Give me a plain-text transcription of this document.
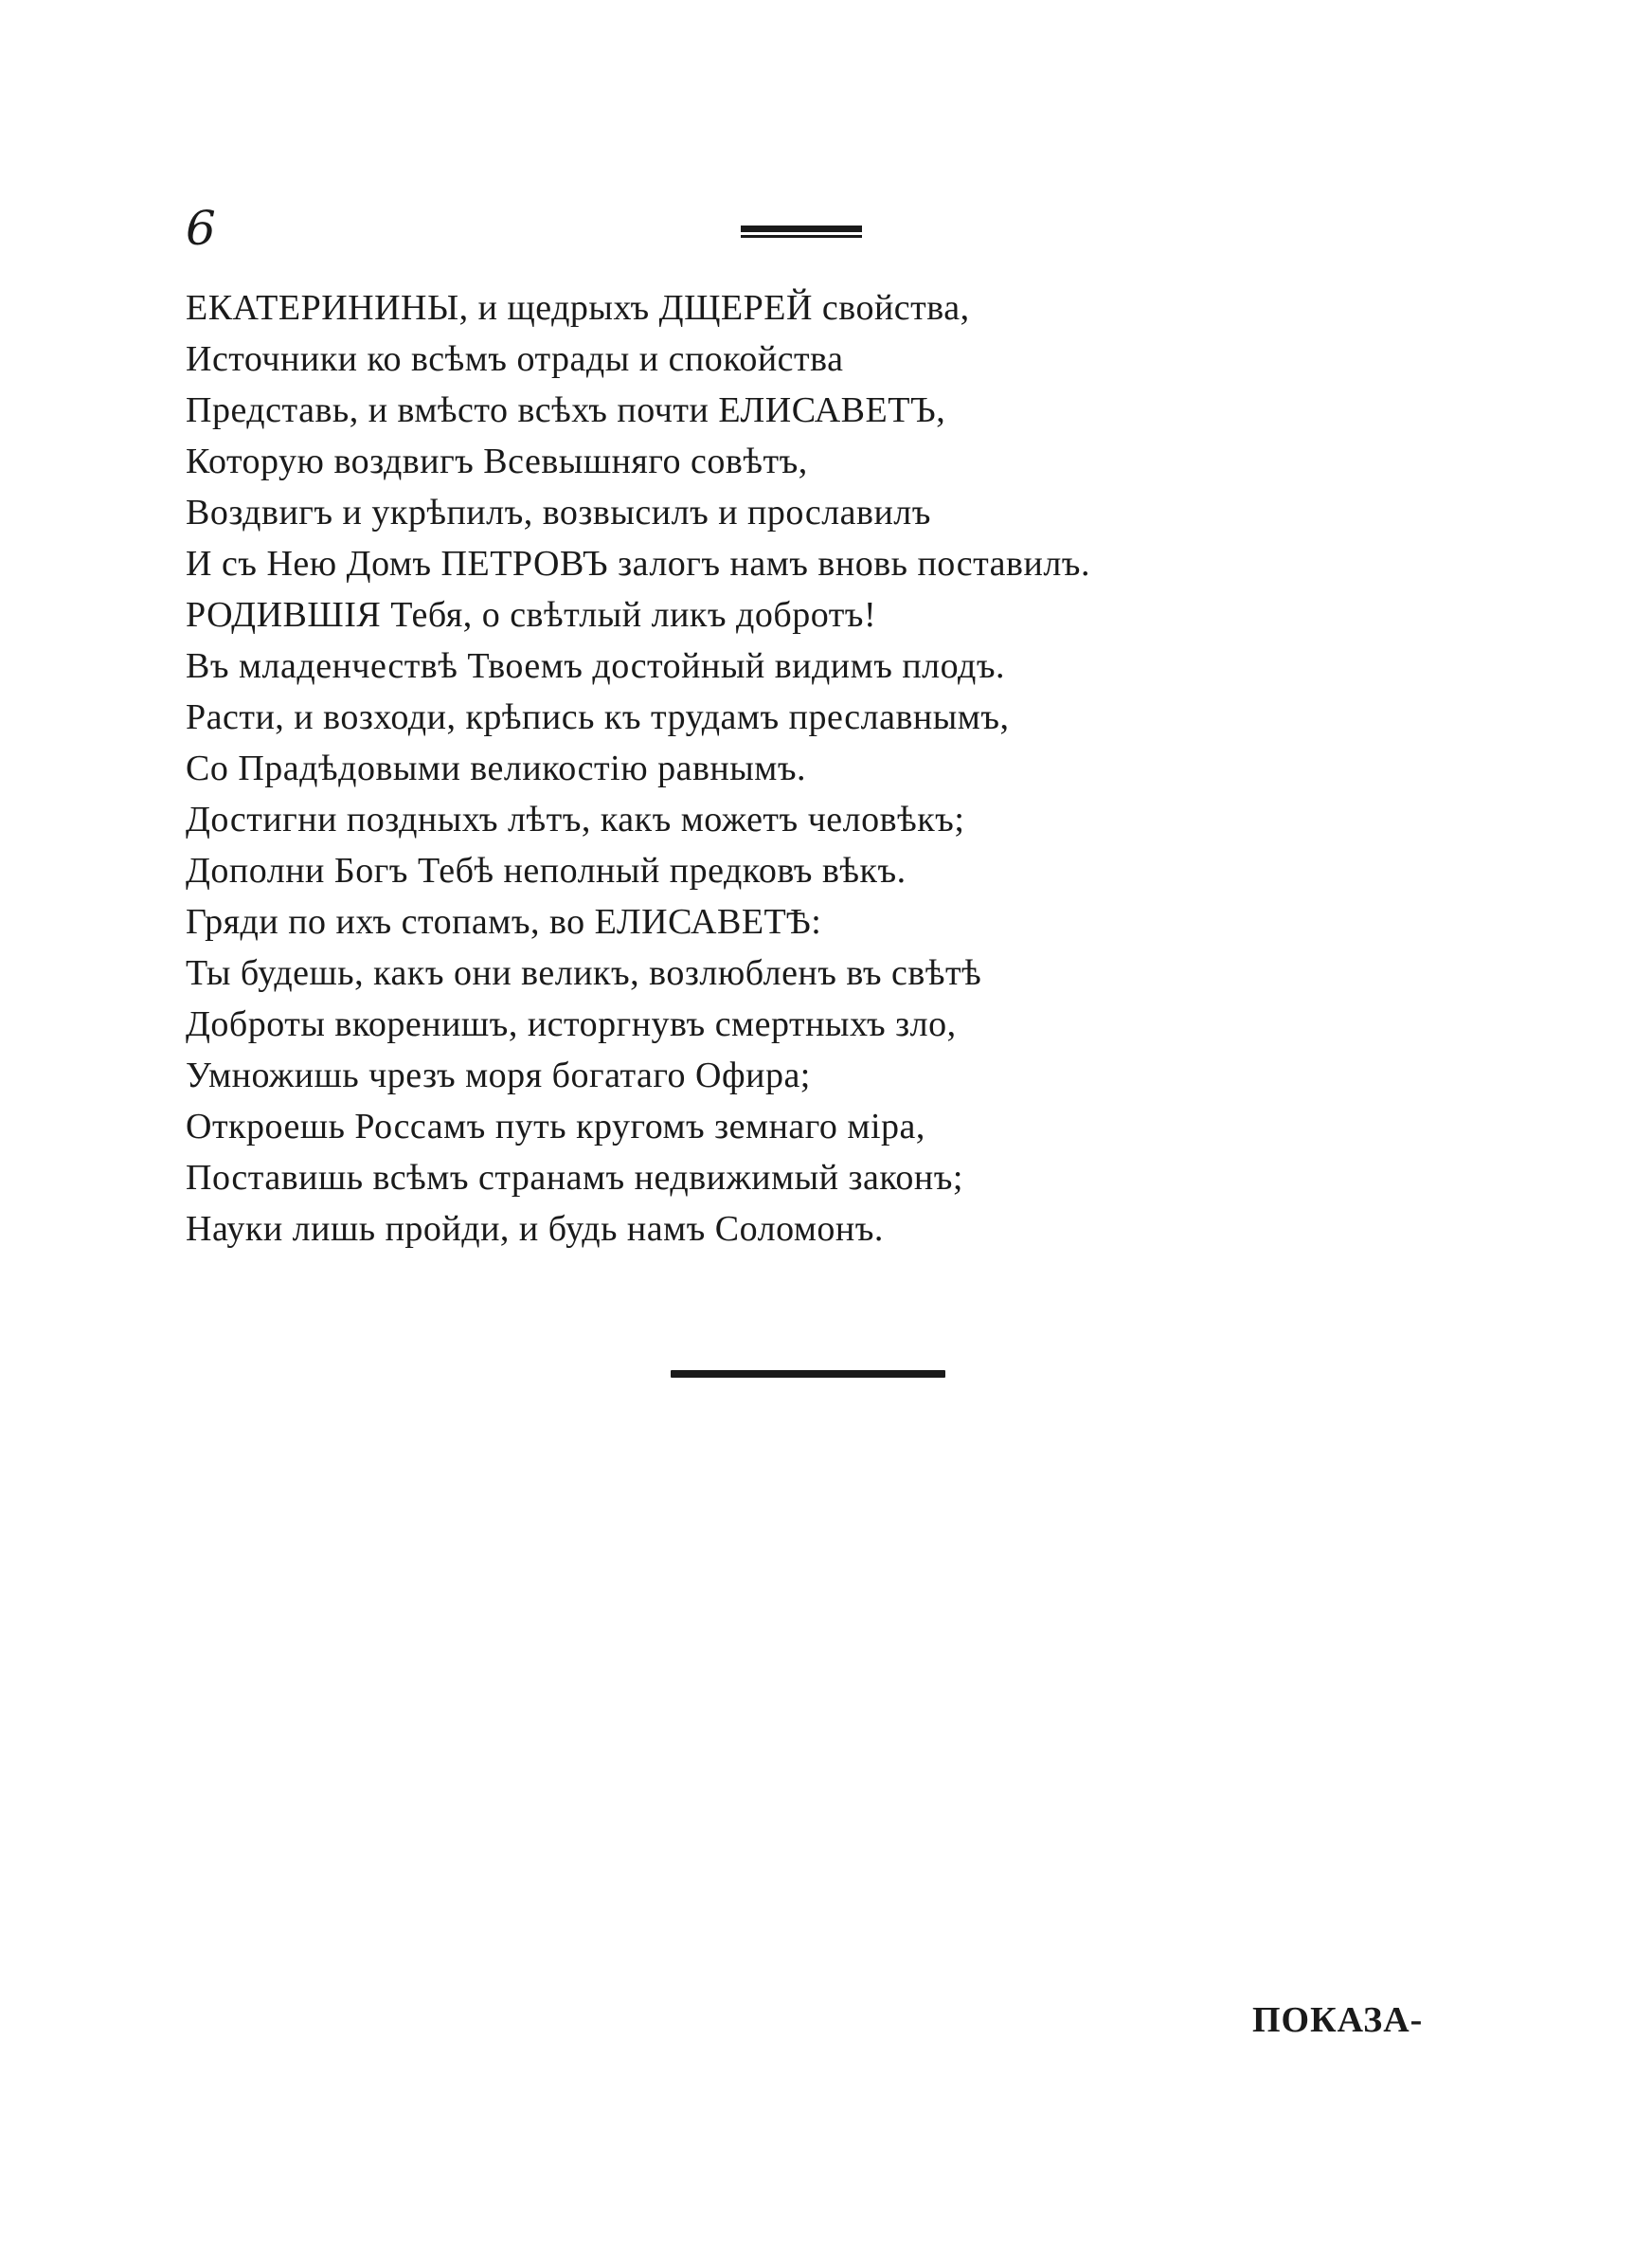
6
ЕКАТЕРИНИНЫ, и щедрыхъ ДЩЕРЕЙ свойства,
Источники ко всѣмъ отрады и спокойства
Представь, и вмѣсто всѣхъ почти ЕЛИСАВЕТЪ,
Которую воздвигъ Всевышняго совѣтъ,
Воздвигъ и укрѣпилъ, возвысилъ и прославилъ
И съ Нею Домъ ПЕТРОВЪ залогъ намъ вновь поставилъ.
РОДИВШІЯ Тебя, о свѣтлый ликъ добротъ!
Въ младенчествѣ Твоемъ достойный видимъ плодъ.
Расти, и возходи, крѣпись къ трудамъ преславнымъ,
Со Прадѣдовыми великостію равнымъ.
Достигни поздныхъ лѣтъ, какъ можетъ человѣкъ;
Дополни Богъ Тебѣ неполный предковъ вѣкъ.
Гряди по ихъ стопамъ, во ЕЛИСАВЕТѢ:
Ты будешь, какъ они великъ, возлюбленъ въ свѣтѣ
Доброты вкоренишъ, исторгнувъ смертныхъ зло,
Умножишь чрезъ моря богатаго Офира;
Откроешь Россамъ путь кругомъ земнаго міра,
Поставишь всѣмъ странамъ недвижимый законъ;
Науки лишь пройди, и будь намъ Соломонъ.
ПОКАЗА-
